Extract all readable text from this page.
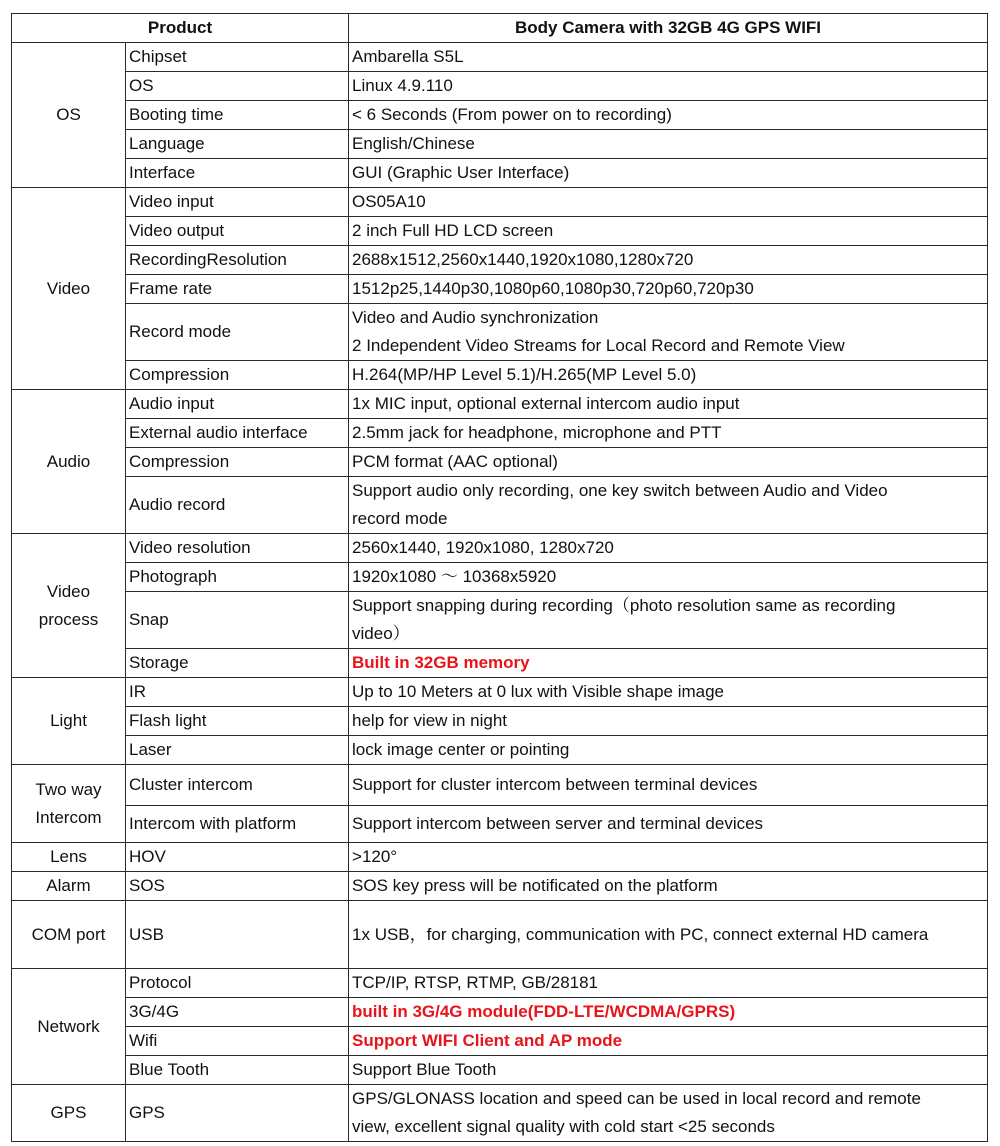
Product		Body Camera with 32GB 4G GPS WIFI
OS	Chipset	Ambarella S5L

	OS	Linux 4.9.110

	Booting time	< 6 Seconds (From power on to recording)

	Language	English/Chinese

	Interface	GUI (Graphic User Interface)

Video	Video input	OS05A10

	Video output	2 inch Full HD LCD screen

	RecordingResolution	2688x1512,2560x1440,1920x1080,1280x720

	Frame rate	1512p25,1440p30,1080p60,1080p30,720p60,720p30

	Record mode	Video and Audio synchronization
2 Independent Video Streams for Local Record and Remote View

	Compression	H.264(MP/HP Level 5.1)/H.265(MP Level 5.0)

Audio	Audio input	1x MIC input, optional external intercom audio input

	External audio interface	2.5mm jack for headphone, microphone and PTT

	Compression	PCM format (AAC optional)

	Audio record	Support audio only recording, one key switch between Audio and Video
record mode

Video
process	Video resolution	2560x1440, 1920x1080, 1280x720

	Photograph	1920x1080 ～ 10368x5920

	Snap	Support snapping during recording（photo resolution same as recording
video）

	Storage	Built in 32GB memory

Light	IR	Up to 10 Meters at 0 lux with Visible shape image

	Flash light	help for view in night

	Laser	lock image center or pointing

Two way
Intercom	Cluster intercom	Support for cluster intercom between terminal devices

	Intercom with platform	Support intercom between server and terminal devices

Lens	HOV	>120°

Alarm	SOS	SOS key press will be notificated on the platform

COM port	USB	1x USB，for charging, communication with PC, connect external HD camera

Network	Protocol	TCP/IP, RTSP, RTMP, GB/28181

	3G/4G	built in 3G/4G module(FDD-LTE/WCDMA/GPRS)

	Wifi	Support WIFI Client and AP mode

	Blue Tooth	Support Blue Tooth

GPS	GPS	GPS/GLONASS location and speed can be used in local record and remote
view, excellent signal quality with cold start <25 seconds
